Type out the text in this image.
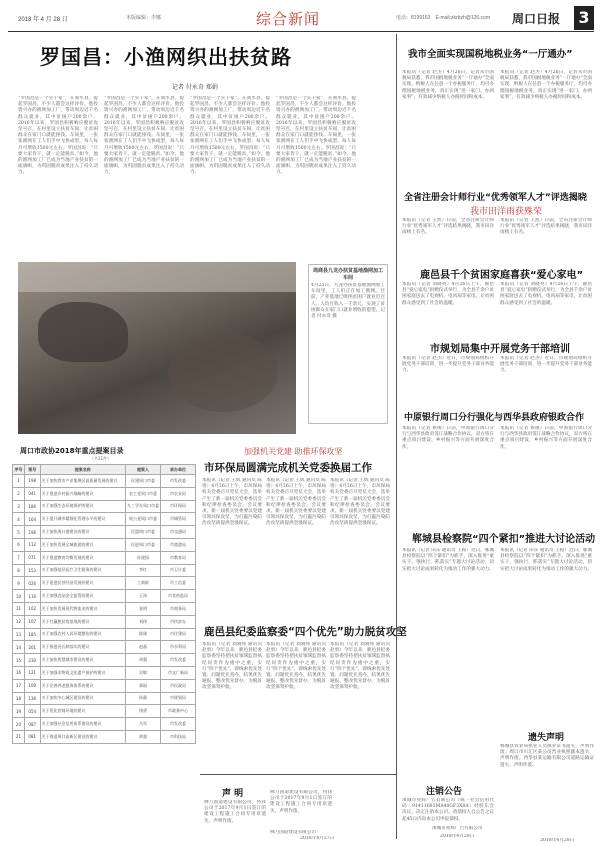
2018 年 4 月 28 日	本版编辑：李娜	综合新闻	电话：8199163　E-mail:zkrbzh@126.com 周口日报 3
罗国昌：小渔网织出扶贫路
记者 付永奇 郑娟
“罗国昌是一个实干家”，在商水县，提起罗国昌，不少人都会这样评价。他投资兴办的渔网加工厂，带动周边近千名群众就业，其中贫困户200余户。2016年以来，罗国昌积极响应脱贫攻坚号召，在村里设立扶贫车间，让贫困群众在家门口就能挣钱。车间里，一张张渔网在工人们手中飞快成型，每人每月可增收1500元左右。罗国昌说：“只要大家肯干，就一定能脱贫。”如今，他的渔网加工厂已成为当地产业扶贫的一面旗帜，为巩固脱贫成果注入了持久动力。
“罗国昌是一个实干家”，在商水县，提起罗国昌，不少人都会这样评价。他投资兴办的渔网加工厂，带动周边近千名群众就业，其中贫困户200余户。2016年以来，罗国昌积极响应脱贫攻坚号召，在村里设立扶贫车间，让贫困群众在家门口就能挣钱。车间里，一张张渔网在工人们手中飞快成型，每人每月可增收1500元左右。罗国昌说：“只要大家肯干，就一定能脱贫。”如今，他的渔网加工厂已成为当地产业扶贫的一面旗帜，为巩固脱贫成果注入了持久动力。
“罗国昌是一个实干家”，在商水县，提起罗国昌，不少人都会这样评价。他投资兴办的渔网加工厂，带动周边近千名群众就业，其中贫困户200余户。2016年以来，罗国昌积极响应脱贫攻坚号召，在村里设立扶贫车间，让贫困群众在家门口就能挣钱。车间里，一张张渔网在工人们手中飞快成型，每人每月可增收1500元左右。罗国昌说：“只要大家肯干，就一定能脱贫。”如今，他的渔网加工厂已成为当地产业扶贫的一面旗帜，为巩固脱贫成果注入了持久动力。
“罗国昌是一个实干家”，在商水县，提起罗国昌，不少人都会这样评价。他投资兴办的渔网加工厂，带动周边近千名群众就业，其中贫困户200余户。2016年以来，罗国昌积极响应脱贫攻坚号召，在村里设立扶贫车间，让贫困群众在家门口就能挣钱。车间里，一张张渔网在工人们手中飞快成型，每人每月可增收1500元左右。罗国昌说：“只要大家肯干，就一定能脱贫。”如今，他的渔网加工厂已成为当地产业扶贫的一面旗帜，为巩固脱贫成果注入了持久动力。
周商县九龙办扶贫基地渔网加工车间
4月25日，九龙办扶贫基地渔网加工车间里，工人们正在加工渔网。目前，产业基地已吸纳贫困户就业近百人，人均月收入一千余元，实现了贫困群众在家门口就业增收的愿望。记者 付永奇 摄
我市全面实现国税地税业务“一厅通办”
本报讯（记者 赵杰）4月26日，记者从市国税局获悉，我市国税地税业务“一厅通办”全面实现。纳税人在任意一个办税服务厅，均可办理国税地税业务，真正实现“进一家门、办两家事”，有效减少纳税人办税时间和成本。
本报讯（记者 赵杰）4月26日，记者从市国税局获悉，我市国税地税业务“一厅通办”全面实现。纳税人在任意一个办税服务厅，均可办理国税地税业务，真正实现“进一家门、办两家事”，有效减少纳税人办税时间和成本。
全省注册会计师行业“优秀领军人才”评选揭晓
我市田洋雨获殊荣
本报讯（记者 王凯）日前，全省注册会计师行业“优秀领军人才”评选结果揭晓，我市田洋雨榜上有名。
本报讯（记者 王凯）日前，全省注册会计师行业“优秀领军人才”评选结果揭晓，我市田洋雨榜上有名。
鹿邑县千个贫困家庭喜获“爱心家电”
本报讯（记者 刘晓亮）4月26日上午，鹿邑县“爱心家电”捐赠仪式举行，为全县千余户贫困家庭送去了电视机、电风扇等家电，让贫困群众感受到了社会的温暖。
本报讯（记者 刘晓亮）4月26日上午，鹿邑县“爱心家电”捐赠仪式举行，为全县千余户贫困家庭送去了电视机、电风扇等家电，让贫困群众感受到了社会的温暖。
市规划局集中开展党务干部培训
本报讯（记者 赵杰）近日，市规划局组织开展党务干部培训，进一步提升党务干部业务能力。
本报讯（记者 赵杰）近日，市规划局组织开展党务干部培训，进一步提升党务干部业务能力。
中原银行周口分行强化与西华县政府银政合作
本报讯（记者 侯俊）日前，中原银行周口分行与西华县政府签订战略合作协议，双方将在重点项目建设、乡村振兴等方面开展深度合作。
本报讯（记者 侯俊）日前，中原银行周口分行与西华县政府签订战略合作协议，双方将在重点项目建设、乡村振兴等方面开展深度合作。
郸城县检察院“四个紧扣”推进大讨论活动
本报讯（记者 田东 通讯员 王振）近日，郸城县检察院以“四个紧扣”为抓手，深入推进“重实干、强执行、抓落实”专题大讨论活动，切实把大讨论成果转化为推动工作的强大动力。
本报讯（记者 田东 通讯员 王振）近日，郸城县检察院以“四个紧扣”为抓手，深入推进“重实干、强执行、抓落实”专题大讨论活动，切实把大讨论成果转化为推动工作的强大动力。
加强机关党建 助推环保攻坚
市环保局圆满完成机关党委换届工作
本报讯（记者 王辉 通讯员 陈勇）4月26日上午，市环保局机关党委召开党员大会，选举产生了新一届机关党委委员会和纪律检查委员会。会议要求，新一届机关党委要以党建引领环保攻坚，为打赢污染防治攻坚战提供坚强保证。
本报讯（记者 王辉 通讯员 陈勇）4月26日上午，市环保局机关党委召开党员大会，选举产生了新一届机关党委委员会和纪律检查委员会。会议要求，新一届机关党委要以党建引领环保攻坚，为打赢污染防治攻坚战提供坚强保证。
本报讯（记者 王辉 通讯员 陈勇）4月26日上午，市环保局机关党委召开党员大会，选举产生了新一届机关党委委员会和纪律检查委员会。会议要求，新一届机关党委要以党建引领环保攻坚，为打赢污染防治攻坚战提供坚强保证。
鹿邑县纪委监察委“四个优先”助力脱贫攻坚
本报讯（记者 刘晓亮 通讯员 赵勇）今年以来，鹿邑县纪委监察委坚持把扶贫领域监督执纪问责作为重中之重，实行“四个优先”，即线索优先处置、问题优先查办、结果优先通报、整改优先督办，为脱贫攻坚保驾护航。
本报讯（记者 刘晓亮 通讯员 赵勇）今年以来，鹿邑县纪委监察委坚持把扶贫领域监督执纪问责作为重中之重，实行“四个优先”，即线索优先处置、问题优先查办、结果优先通报、整改优先督办，为脱贫攻坚保驾护航。
本报讯（记者 刘晓亮 通讯员 赵勇）今年以来，鹿邑县纪委监察委坚持把扶贫领域监督执纪问责作为重中之重，实行“四个优先”，即线索优先处置、问题优先查办、结果优先通报、整改优先督办，为脱贫攻坚保驾护航。
周口市政协2018年重点提案目录
（共21件）
序号	案号	提案名称	提案人	承办单位
1	198	关于加快我市产业集聚区高质量发展的建议	民建周口市委	市发改委
2	041	关于推进乡村振兴战略的建议	农工党周口市委	市农业局
3	186	关于加强生态环境保护的建议	九三学社周口市委	市环保局
4	104	关于提升城市精细化管理水平的建议	致公党周口市委	市城管局
5	196	关于加快周口港建设的建议	民盟周口市委	市交通局
6	112	关于加快发展全域旅游的建议	民进周口市委	市旅游局
7	071	关于推进教育均衡发展的建议	孙建国	市教育局
8	153	关于加强基层医疗卫生服务的建议	李红	市卫计委
9	026	关于促进民营经济发展的建议	工商联	市工信委
10	116	关于加强食品安全监管的建议	王涛	市食药监局
11	102	关于加快发展现代物流业的建议	张明	市商务局
12	107	关于打赢脱贫攻坚战的建议	刘伟	市扶贫办
13	185	关于加强农村人居环境整治的建议	陈刚	市住建局
14	201	关于推进河长制落实的建议	赵磊	市水利局
15	230	关于加快智慧城市建设的建议	周强	市发改委
16	121	关于加强非物质文化遗产保护的建议	吴敏	市文广新局
17	109	关于完善养老服务体系的建议	郑丽	市民政局
18	136	关于加快中心城区建设的建议	孙静	市规划局
19	054	关于优化营商环境的建议	钱勇	市政务中心
20	087	关于加强社会信用体系建设的建议	马军	市发改委
21	081	关于推进周口高新区建设的建议	黄超	市科技局
声 明
拂刀国道建设有限公司，将我公司于2017年9月1日签订的建设工程施工合同专用章遗失，声明作废。
拂刀国道建设有限公司，将我公司于2017年9月1日签订的建设工程施工合同专用章遗失，声明作废。
拂刀国道建设有限公司
2018年4月27日
注销公告
项城市亮辉广告有限公司（统一社会信用代码：91411681MA40GF3X8A）经股东会决议，决定注销本公司。请债权人自公告之日起45日内向本公司申报债权。
项城市亮辉广告有限公司
2018年4月28日
遗失声明
郸城县农业局执业人员执业证书遗失，声明作废。周口市川汇区某公司营业执照副本遗失，声明作废。西华县某运输有限公司道路运输证遗失，声明作废。
2018年4月28日
